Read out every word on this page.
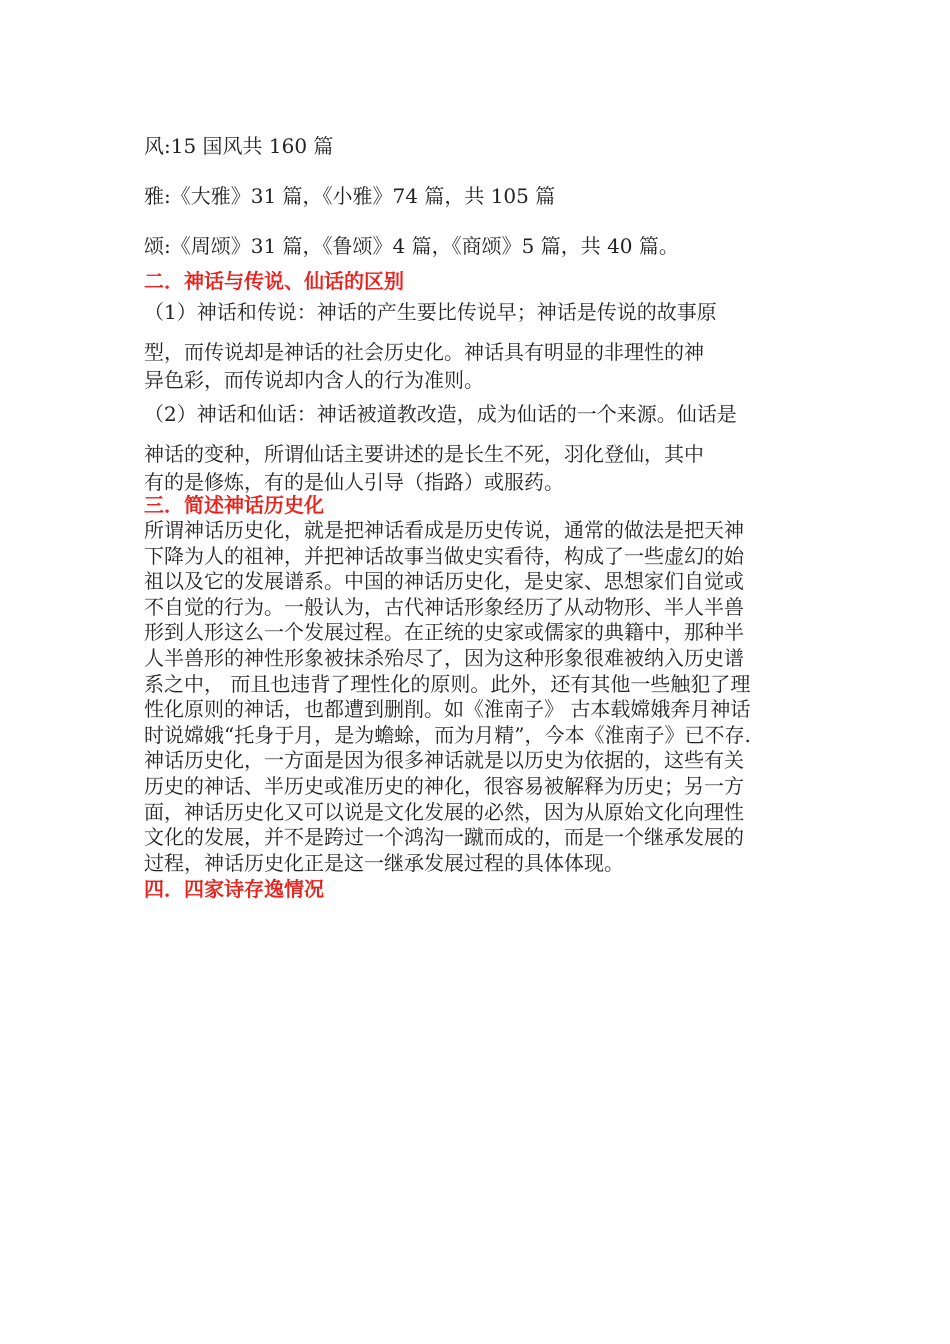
风:15 国风共 160 篇
雅:《大雅》31 篇，《小雅》74 篇，共 105 篇
颂:《周颂》31 篇，《鲁颂》4 篇，《商颂》5 篇，共 40 篇。
二．神话与传说、仙话的区别
（1）神话和传说：神话的产生要比传说早；神话是传说的故事原
型，而传说却是神话的社会历史化。神话具有明显的非理性的神
异色彩，而传说却内含人的行为准则。
（2）神话和仙话：神话被道教改造，成为仙话的一个来源。仙话是
神话的变种，所谓仙话主要讲述的是长生不死，羽化登仙，其中
有的是修炼，有的是仙人引导（指路）或服药。
三．简述神话历史化
所谓神话历史化，就是把神话看成是历史传说，通常的做法是把天神
下降为人的祖神，并把神话故事当做史实看待，构成了一些虚幻的始
祖以及它的发展谱系。中国的神话历史化，是史家、思想家们自觉或
不自觉的行为。一般认为，古代神话形象经历了从动物形、半人半兽
形到人形这么一个发展过程。在正统的史家或儒家的典籍中，那种半
人半兽形的神性形象被抹杀殆尽了，因为这种形象很难被纳入历史谱
系之中， 而且也违背了理性化的原则。此外，还有其他一些触犯了理
性化原则的神话，也都遭到删削。如《淮南子》 古本载嫦娥奔月神话
时说嫦娥“托身于月，是为蟾蜍，而为月精”，今本《淮南子》已不存.
神话历史化，一方面是因为很多神话就是以历史为依据的，这些有关
历史的神话、半历史或准历史的神化，很容易被解释为历史；另一方
面，神话历史化又可以说是文化发展的必然，因为从原始文化向理性
文化的发展，并不是跨过一个鸿沟一蹴而成的，而是一个继承发展的
过程，神话历史化正是这一继承发展过程的具体体现。
四．四家诗存逸情况
